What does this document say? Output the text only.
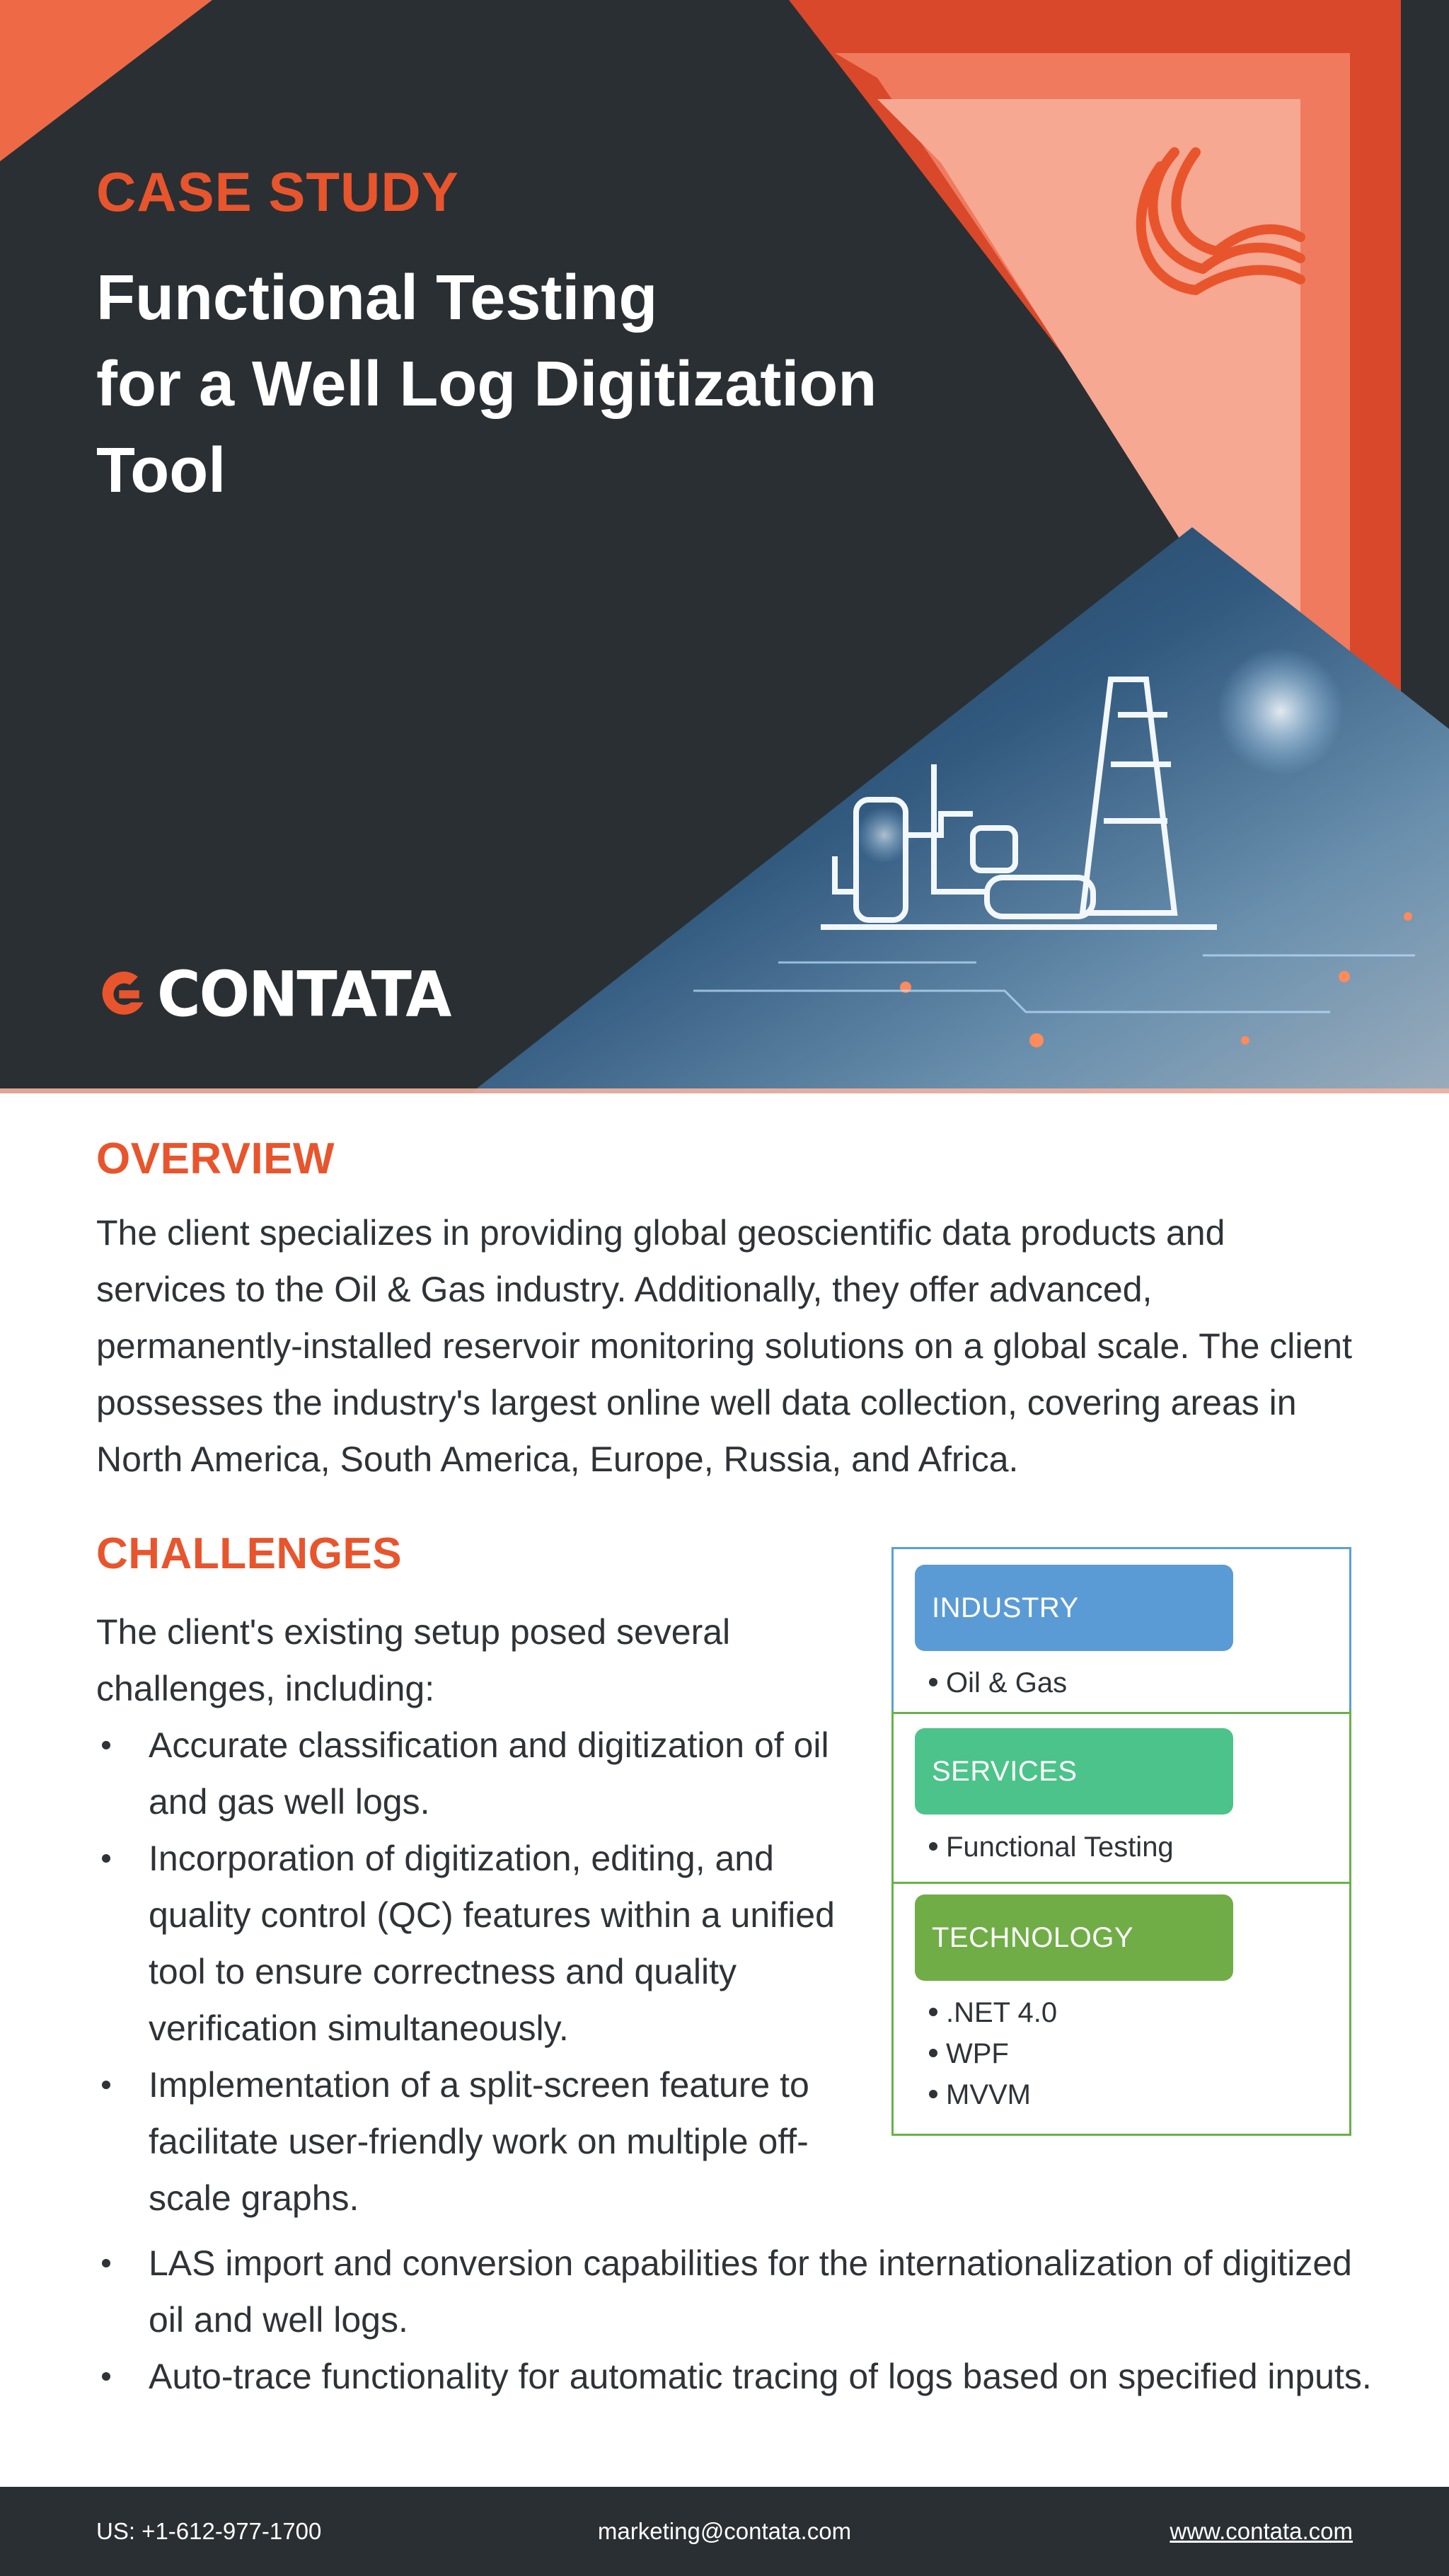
CASE STUDY
Functional Testing
for a Well Log Digitization
Tool
CONTATA
OVERVIEW

The client specializes in providing global geoscientific data products and services to the Oil & Gas industry. Additionally, they offer advanced, permanently-installed reservoir monitoring solutions on a global scale. The client possesses the industry's largest online well data collection, covering areas in North America, South America, Europe, Russia, and Africa.

CHALLENGES

The client's existing setup posed several challenges, including:

Accurate classification and digitization of oil and gas well logs.
Incorporation of digitization, editing, and quality control (QC) features within a unified tool to ensure correctness and quality verification simultaneously.
Implementation of a split-screen feature to facilitate user-friendly work on multiple off-scale graphs.
LAS import and conversion capabilities for the internationalization of digitized oil and well logs.
Auto-trace functionality for automatic tracing of logs based on specified inputs.
INDUSTRY
Oil & Gas
SERVICES
Functional Testing
TECHNOLOGY
.NET 4.0
WPF
MVVM
marketing@contata.com
US: +1-612-977-1700	www.contata.com
